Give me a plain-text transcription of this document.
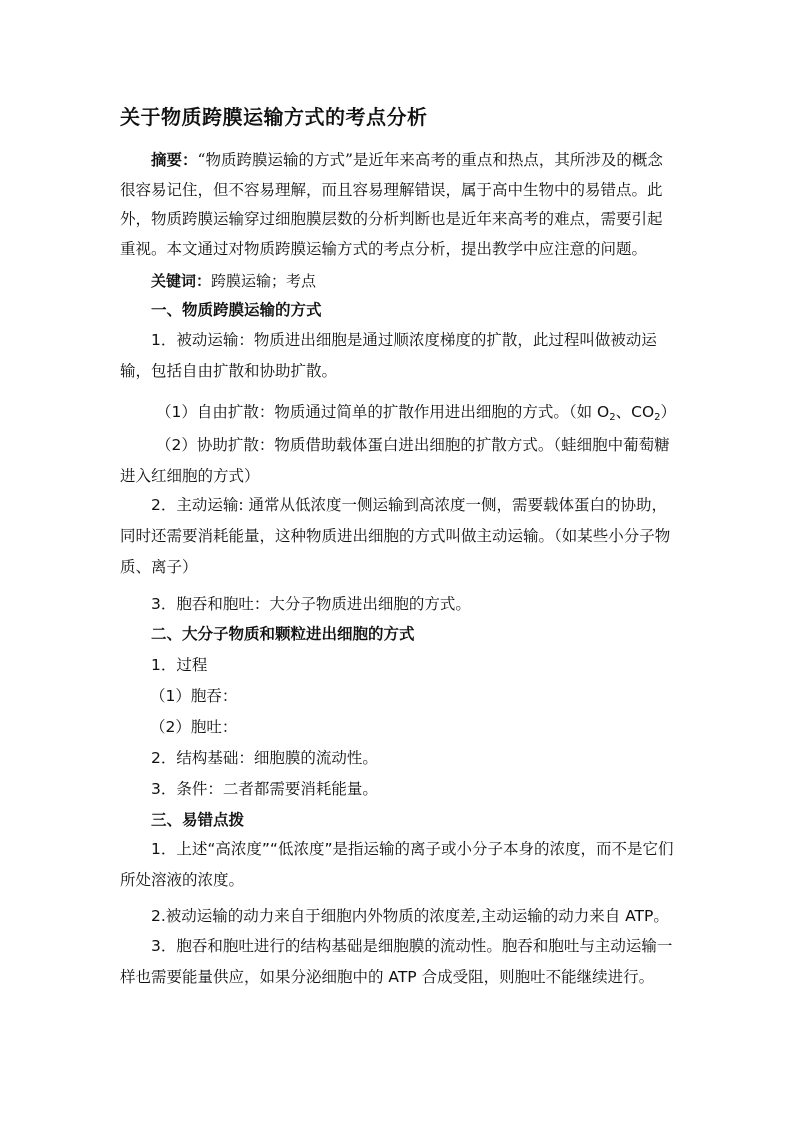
关于物质跨膜运输方式的考点分析
摘要：“物质跨膜运输的方式”是近年来高考的重点和热点，其所涉及的概念很容易记住，但不容易理解，而且容易理解错误，属于高中生物中的易错点。此外，物质跨膜运输穿过细胞膜层数的分析判断也是近年来高考的难点，需要引起重视。本文通过对物质跨膜运输方式的考点分析，提出教学中应注意的问题。
关键词：跨膜运输；考点
一、物质跨膜运输的方式
1．被动运输：物质进出细胞是通过顺浓度梯度的扩散，此过程叫做被动运输，包括自由扩散和协助扩散。
（1）自由扩散：物质通过简单的扩散作用进出细胞的方式。（如 $O_2$、$CO_2$）
（2）协助扩散：物质借助载体蛋白进出细胞的扩散方式。（蛙细胞中葡萄糖进入红细胞的方式）
2．主动运输: 通常从低浓度一侧运输到高浓度一侧，需要载体蛋白的协助，同时还需要消耗能量，这种物质进出细胞的方式叫做主动运输。（如某些小分子物质、离子）
3．胞吞和胞吐：大分子物质进出细胞的方式。
二、大分子物质和颗粒进出细胞的方式
1．过程
（1）胞吞：
（2）胞吐：
2．结构基础：细胞膜的流动性。
3．条件：二者都需要消耗能量。
三、易错点拨
1．上述“高浓度”“低浓度”是指运输的离子或小分子本身的浓度，而不是它们所处溶液的浓度。
2.被动运输的动力来自于细胞内外物质的浓度差,主动运输的动力来自 ATP。
3．胞吞和胞吐进行的结构基础是细胞膜的流动性。胞吞和胞吐与主动运输一样也需要能量供应，如果分泌细胞中的 ATP 合成受阻，则胞吐不能继续进行。
